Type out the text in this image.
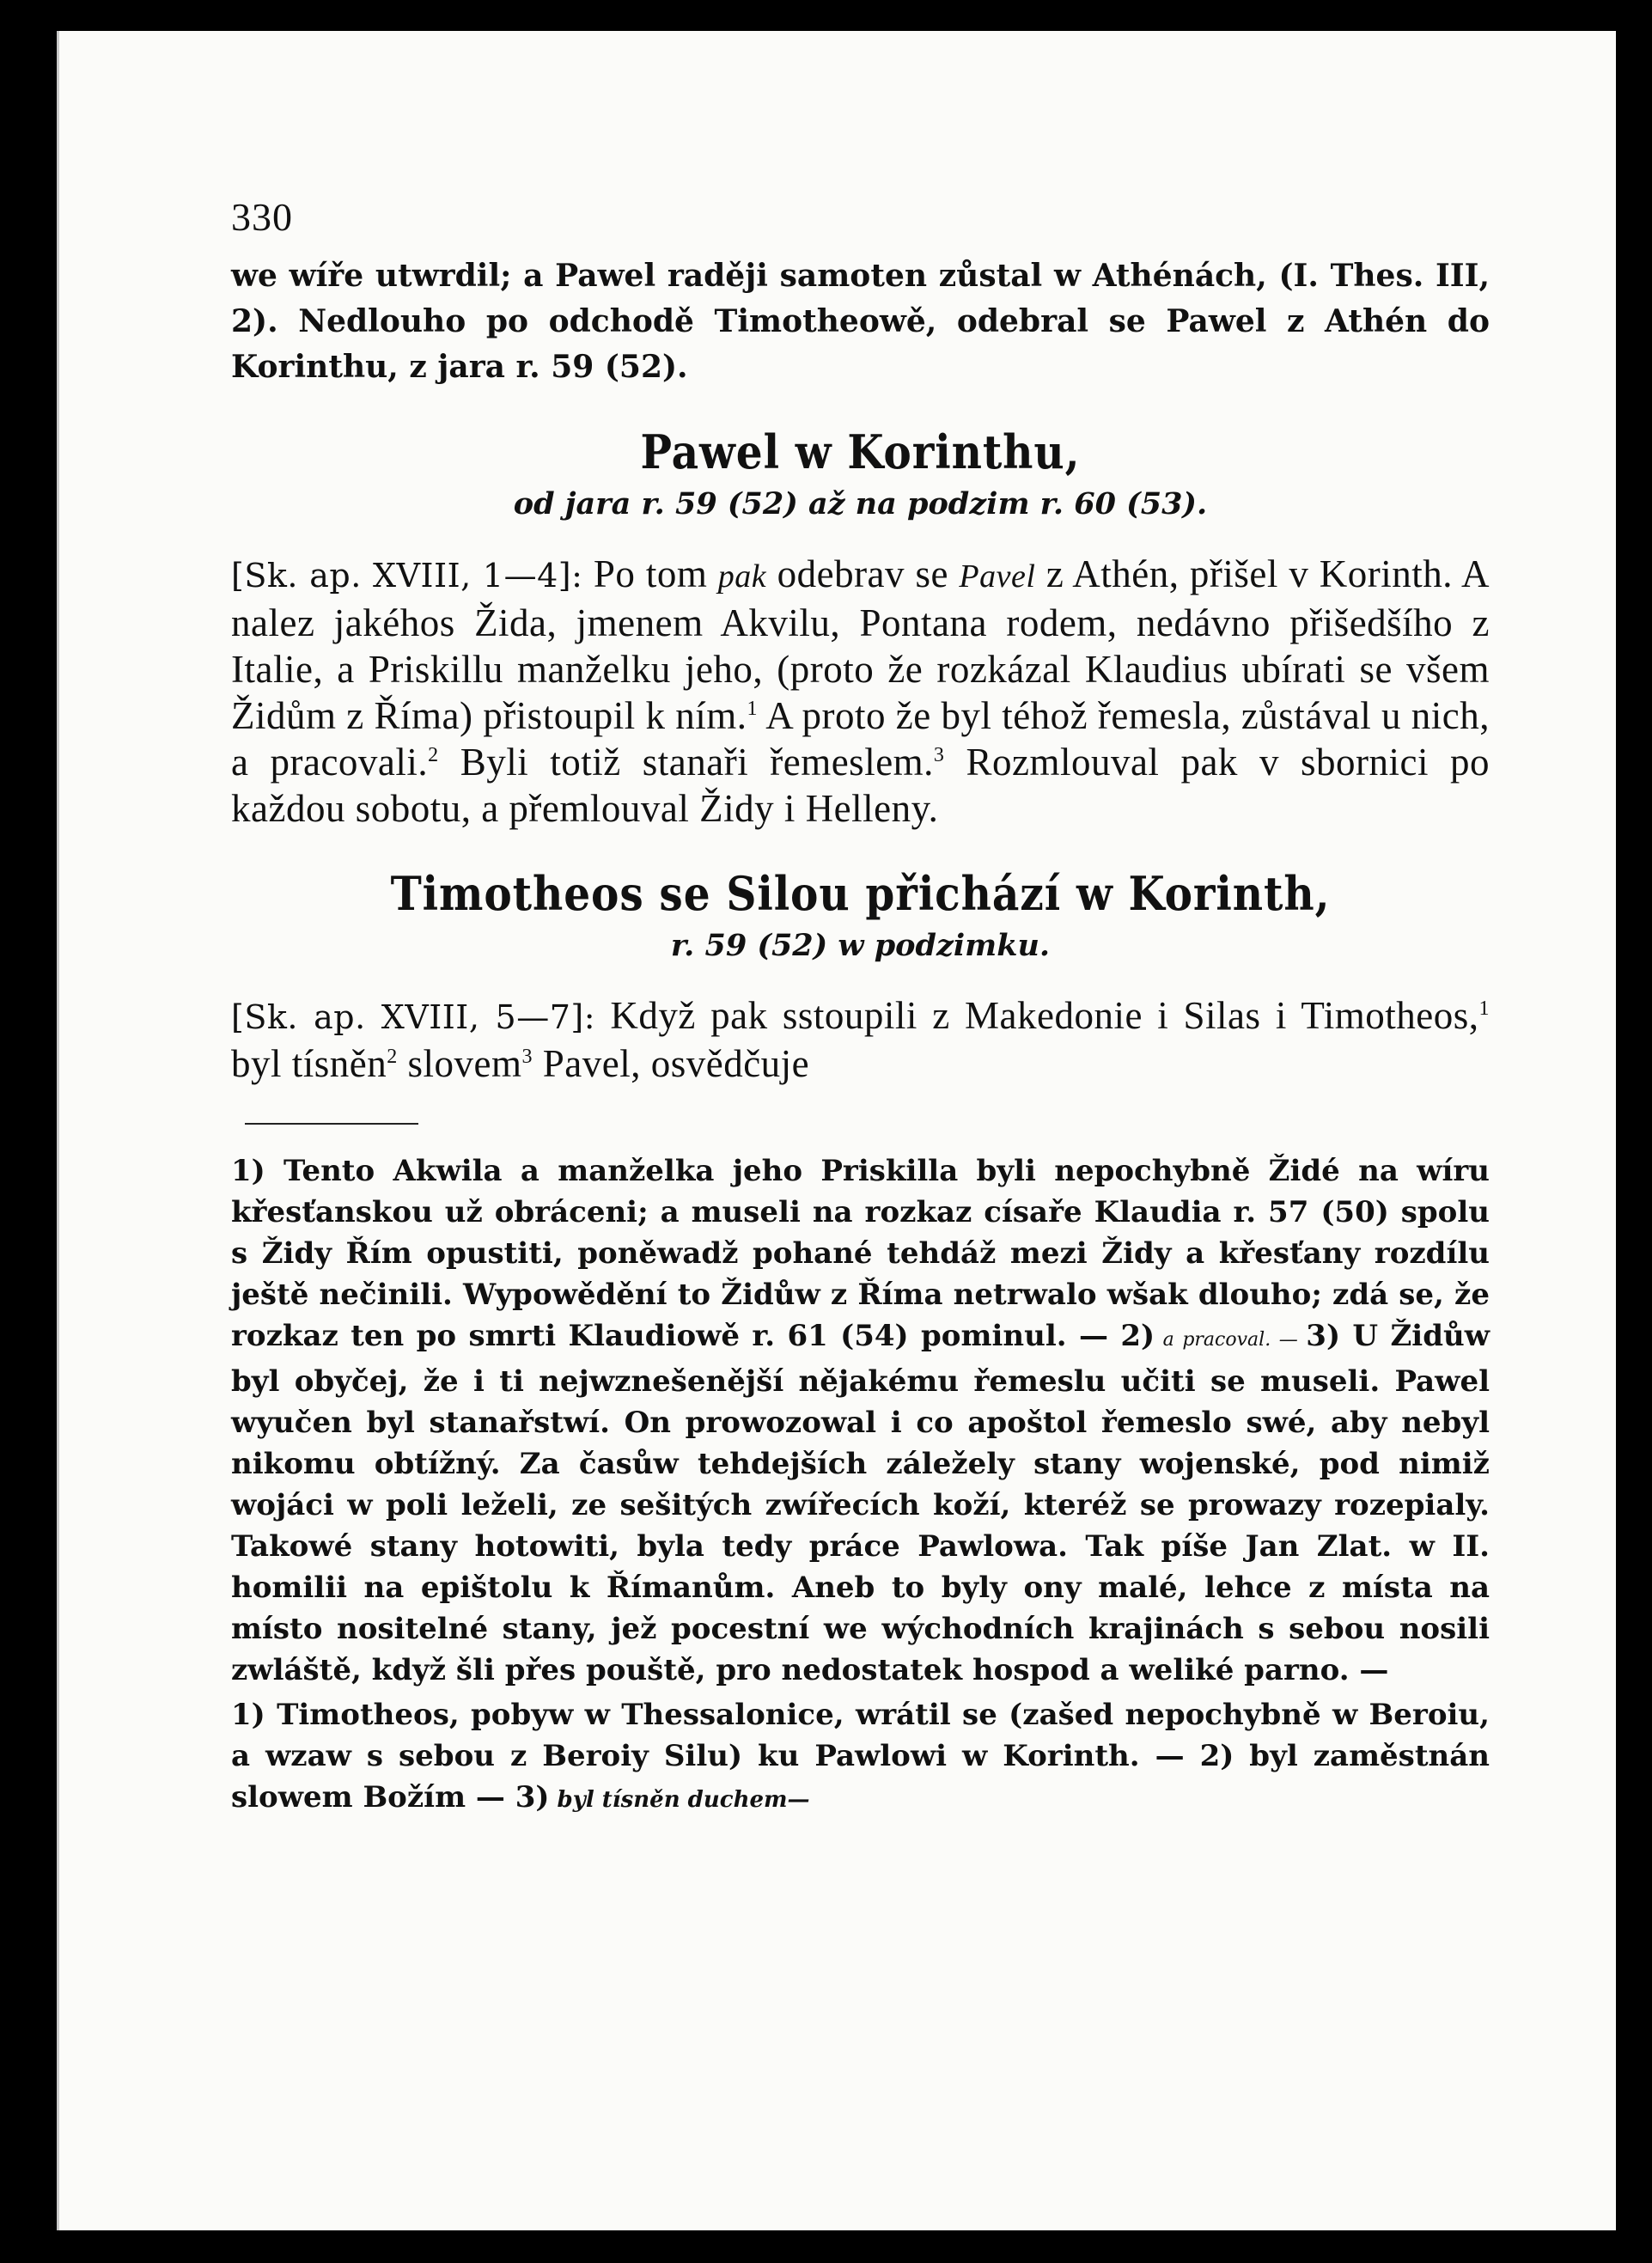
330

we wíře utwrdil; a Pawel raději samoten zůstal w Athénách, (I. Thes. III, 2). Nedlouho po odchodě Timotheowě, odebral se Pawel z Athén do Korinthu, z jara r. 59 (52).

Pawel w Korinthu,
od jara r. 59 (52) až na podzim r. 60 (53).

[Sk. ap. XVIII, 1—4]: Po tom pak odebrav se Pavel z Athén, přišel v Korinth. A nalez jakéhos Žida, jmenem Akvilu, Pontana rodem, nedávno přišedšího z Italie, a Priskillu manželku jeho, (proto že rozkázal Klaudius ubírati se všem Židům z Říma) přistoupil k ním.$^1$ A proto že byl téhož řemesla, zůstával u nich, a pracovali.$^2$ Byli totiž stanaři řemeslem.$^3$ Rozmlouval pak v sbornici po každou sobotu, a přemlouval Židy i Helleny.

Timotheos se Silou přichází w Korinth,
r. 59 (52) w podzimku.

[Sk. ap. XVIII, 5—7]: Když pak sstoupili z Makedonie i Silas i Timotheos,$^1$ byl tísněn$^2$ slovem$^3$ Pavel, osvědčuje

1) Tento Akwila a manželka jeho Priskilla byli nepochybně Židé na wíru křesťanskou už obráceni; a museli na rozkaz císaře Klaudia r. 57 (50) spolu s Židy Řím opustiti, poněwadž pohané tehdáž mezi Židy a křesťany rozdílu ještě nečinili. Wypowědění to Židůw z Říma netrwalo wšak dlouho; zdá se, že rozkaz ten po smrti Klaudiowě r. 61 (54) pominul. — 2) a pracoval. — 3) U Židůw byl obyčej, že i ti nejwznešenější nějakému řemeslu učiti se museli. Pawel wyučen byl stanařstwí. On prowozowal i co apoštol řemeslo swé, aby nebyl nikomu obtížný. Za časůw tehdejších záležely stany wojenské, pod nimiž wojáci w poli leželi, ze sešitých zwířecích koží, kteréž se prowazy rozepialy. Takowé stany hotowiti, byla tedy práce Pawlowa. Tak píše Jan Zlat. w II. homilii na epištolu k Římanům. Aneb to byly ony malé, lehce z místa na místo nositelné stany, jež pocestní we wýchodních krajinách s sebou nosili zwláště, když šli přes pouště, pro nedostatek hospod a weliké parno. —

1) Timotheos, pobyw w Thessalonice, wrátil se (zašed nepochybně w Beroiu, a wzaw s sebou z Beroiy Silu) ku Pawlowi w Korinth. — 2) byl zaměstnán slowem Božím — 3) byl tísněn duchem—
